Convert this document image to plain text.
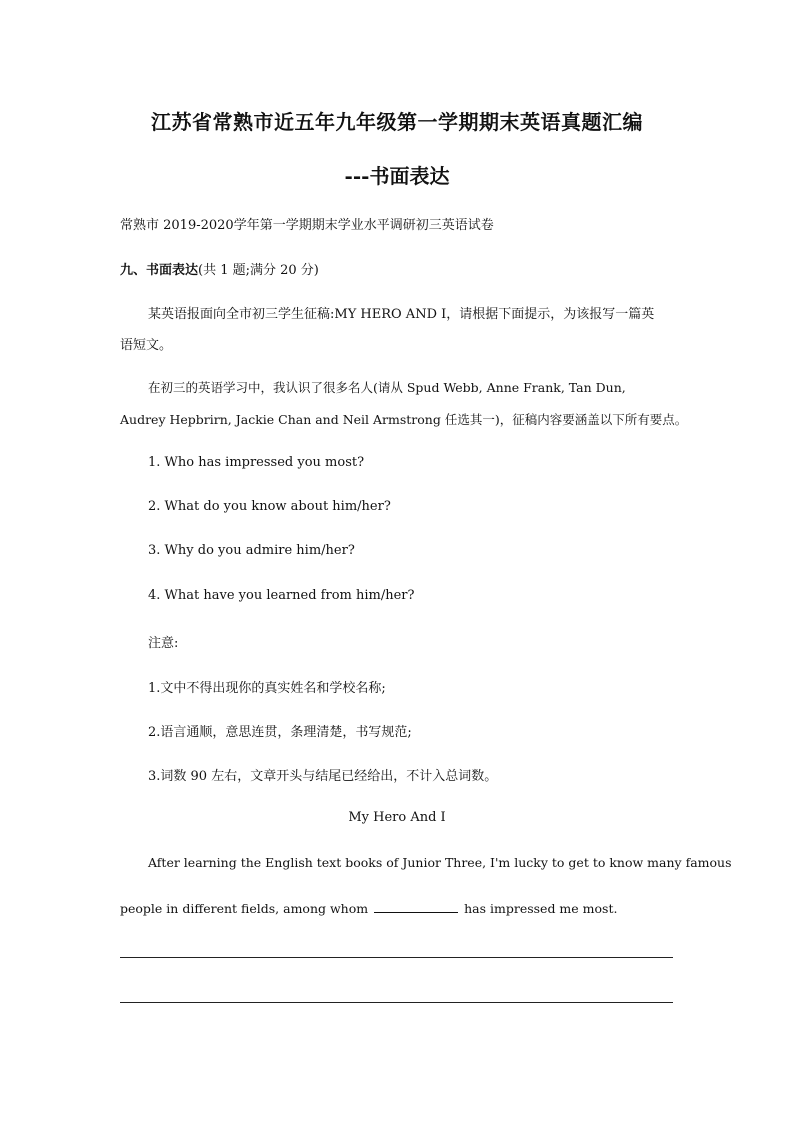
江苏省常熟市近五年九年级第一学期期末英语真题汇编
---书面表达
常熟市 2019-2020学年第一学期期末学业水平调研初三英语试卷
九、书面表达(共 1 题;满分 20 分)
某英语报面向全市初三学生征稿:MY HERO AND I，请根据下面提示，为该报写一篇英
语短文。
在初三的英语学习中，我认识了很多名人(请从 Spud Webb, Anne Frank, Tan Dun,
Audrey Hepbrirn, Jackie Chan and Neil Armstrong 任选其一)，征稿内容要涵盖以下所有要点。
1. Who has impressed you most?
2. What do you know about him/her?
3. Why do you admire him/her?
4. What have you learned from him/her?
注意:
1.文中不得出现你的真实姓名和学校名称;
2.语言通顺，意思连贯，条理清楚，书写规范;
3.词数 90 左右，文章开头与结尾已经给出，不计入总词数。
My Hero And I
After learning the English text books of Junior Three, I'm lucky to get to know many famous
people in different fields, among whom	has impressed me most.
